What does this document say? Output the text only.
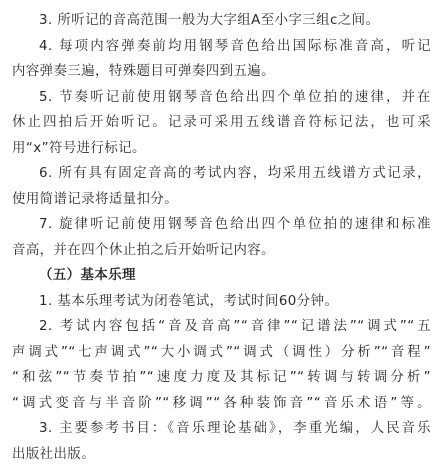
3. 所听记的音高范围一般为大字组A至小字三组c之间。
4. 每项内容弹奏前均用钢琴音色给出国际标准音高，听记
内容弹奏三遍，特殊题目可弹奏四到五遍。
5. 节奏听记前使用钢琴音色给出四个单位拍的速律，并在
休止四拍后开始听记。记录可采用五线谱音符标记法，也可采
用“x”符号进行标记。
6. 所有具有固定音高的考试内容，均采用五线谱方式记录，
使用简谱记录将适量扣分。
7. 旋律听记前使用钢琴音色给出四个单位拍的速律和标准
音高，并在四个休止拍之后开始听记内容。
（五）基本乐理
1. 基本乐理考试为闭卷笔试，考试时间60分钟。
2. 考试内容包括“音及音高”“音律”“记谱法”“调式”“五
声调式”“七声调式”“大小调式”“调式（调性）分析”“音程”
“和弦”“节奏节拍”“速度力度及其标记”“转调与转调分析”
“调式变音与半音阶”“移调”“各种装饰音”“音乐术语”等。
3. 主要参考书目：《音乐理论基础》，李重光编，人民音乐
出版社出版。
